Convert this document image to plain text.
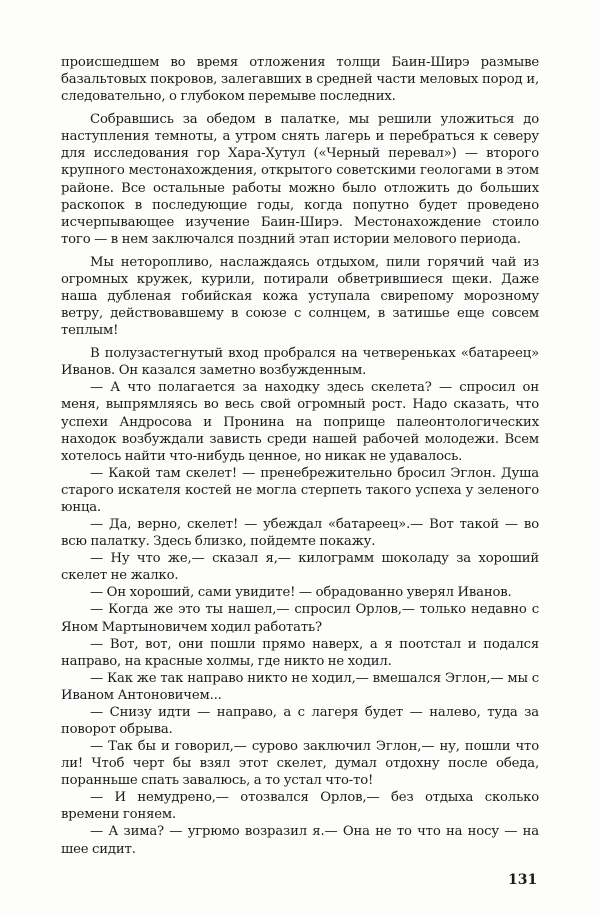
происшедшем во время отложения толщи Баин-Ширэ размыве базальтовых покровов, залегавших в средней части меловых пород и, следовательно, о глубоком перемыве последних.

Собравшись за обедом в палатке, мы решили уложиться до наступления темноты, а утром снять лагерь и перебраться к северу для исследования гор Хара-Хутул («Черный перевал») — второго крупного местонахождения, открытого советскими геологами в этом районе. Все остальные работы можно было отложить до больших раскопок в последующие годы, когда попутно будет проведено исчерпывающее изучение Баин-Ширэ. Местонахождение стоило того — в нем заключался поздний этап истории мелового периода.

Мы неторопливо, наслаждаясь отдыхом, пили горячий чай из огромных кружек, курили, потирали обветрившиеся щеки. Даже наша дубленая гобийская кожа уступала свирепому морозному ветру, действовавшему в союзе с солнцем, в затишье еще совсем теплым!

В полузастегнутый вход пробрался на четвереньках «батареец» Иванов. Он казался заметно возбужденным.

— А что полагается за находку здесь скелета? — спросил он меня, выпрямляясь во весь свой огромный рост. Надо сказать, что успехи Андросова и Пронина на поприще палеонтологических находок возбуждали зависть среди нашей рабочей молодежи. Всем хотелось найти что-нибудь ценное, но никак не удавалось.

— Какой там скелет! — пренебрежительно бросил Эглон. Душа старого искателя костей не могла стерпеть такого успеха у зеленого юнца.

— Да, верно, скелет! — убеждал «батареец».— Вот такой — во всю палатку. Здесь близко, пойдемте покажу.

— Ну что же,— сказал я,— килограмм шоколаду за хороший скелет не жалко.

— Он хороший, сами увидите! — обрадованно уверял Иванов.

— Когда же это ты нашел,— спросил Орлов,— только недавно с Яном Мартыновичем ходил работать?

— Вот, вот, они пошли прямо наверх, а я поотстал и подался направо, на красные холмы, где никто не ходил.

— Как же так направо никто не ходил,— вмешался Эглон,— мы с Иваном Антоновичем...

— Снизу идти — направо, а с лагеря будет — налево, туда за поворот обрыва.

— Так бы и говорил,— сурово заключил Эглон,— ну, пошли что ли! Чтоб черт бы взял этот скелет, думал отдохну после обеда, поранньше спать завалюсь, а то устал что-то!

— И немудрено,— отозвался Орлов,— без отдыха сколько времени гоняем.

— А зима? — угрюмо возразил я.— Она не то что на носу — на шее сидит.

131
